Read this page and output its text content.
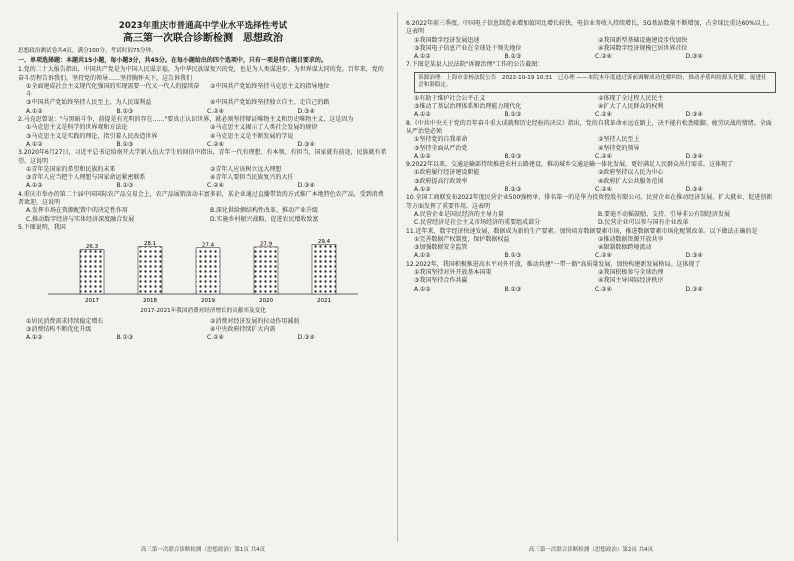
2023年重庆市普通高中学业水平选择性考试
高三第一次联合诊断检测　思想政治
思想政治测试卷共4页，满分100分。考试时间75分钟。
一、单项选择题：本题共15小题，每小题3分，共45分。在每小题给出的四个选项中，只有一项是符合题目要求的。
1.党的二十大报告指出，中国共产党是为中国人民谋幸福、为中华民族谋复兴的党，也是为人类谋进步、为世界谋大同的党。百年来，党的奋斗历程告诉我们，坚持党的领导……坚持胸怀天下。这告诉我们
①全面建成社会主义现代化强国的实现需要一代又一代人的接续奋斗
②中国共产党始终坚持马克思主义的指导地位
③中国共产党始终坚持人民至上，为人民谋利益	④中国共产党始终坚持独立自主，走自己的路
A.①②	B.①③	C.②④	D.③④
2.马克思曾说："与黑暗斗争，前提是有光明的存在……"要真正认识世界，就必须坚持辩证唯物主义和历史唯物主义，这是因为
①马克思主义是科学的世界观和方法论	②马克思主义揭示了人类社会发展的规律
③马克思主义是实践的理论，指引着人民改造世界	④马克思主义是不断发展的学说
A.①②	B.①③	C.②④	D.③④
3.2020年6月27日，习近平总书记给南开大学新入伍大学生的回信中指出，青年一代有理想、有本领、有担当，国家就有前途，民族就有希望。这说明
①青年是国家的希望和民族的未来	②青年人应该树立远大理想
③青年人应当把个人理想与国家命运紧密联系	④青年人要担当民族复兴的大任
A.①②	B.①③	C.②④	D.③④
4.重庆市举办的第二十届中国国际农产品交易会上，农产品展销活动丰富多彩，某企业通过直播带货的方式推广本地特色农产品，受到消费者欢迎。这说明
A.发挥市场在资源配置中的决定性作用	B.深化供给侧结构性改革，推动产业升级
C.推动数字经济与实体经济深度融合发展	D.实施乡村振兴战略，促进农民增收致富
5.下图说明，我国
26.3
2017
28.1
2018
27.4
2019
27.9
2020
29.4
2021
2017-2021年我国消费对经济增长的贡献率及变化
①居民消费需求持续稳定增长	②消费对经济发展的拉动作用减弱
③消费结构不断优化升级	④中央政府持续扩大内需
A.①②	B.①③	C.②④	D.③④
6.2022年前三季度，中国电子信息制造业增加值同比增长较快，电信业务收入持续增长，5G基站数量不断增加，占全球比重达60%以上。这表明
①我国数字经济发展迅速	②我国新型基础设施建设步伐加快
③我国电子信息产业在全球处于领先地位	④我国数字经济规模已居世界首位
A.①②	B.①③	C.②④	D.③④
7.下图是某县人民法院"诉源治理"工作的公告截图：
诉源治理：上海市金杨法院公告　2022-10-19 10:31　已办理 ——本院本年度通过诉前调解成功化解纠纷，推动矛盾纠纷源头化解，促进社会和谐稳定。
①有助于维护社会公平正义	②体现了全过程人民民主
③推动了基层治理体系和治理能力现代化	④扩大了人民群众的权利
A.①②	B.①③	C.②④	D.③④
8.《中共中央关于党的百年奋斗重大成就和历史经验的决议》指出，党的自我革命永远在路上，决不能有松劲歇脚、疲劳厌战的情绪。全面从严治党必须
①坚持党的自我革命	②坚持人民至上
③坚持全面从严治党	④坚持党的领导
A.①②	B.①③	C.②④	D.③④
9.2022年以来，交通运输部持续推进农村公路建设，推动城乡交通运输一体化发展，更好满足人民群众出行需求。这体现了
①政府履行经济建设职能	②政府坚持以人民为中心
③政府提高行政效率	④政府扩大公共服务范围
A.①②	B.①③	C.②④	D.③④
10.全国工商联发布2022年度民营企业500强榜单，排名第一的是华为投资控股有限公司。民营企业在推动经济发展、扩大就业、促进创新等方面发挥了重要作用。这表明
A.民营企业是国民经济的主导力量	B.要毫不动摇鼓励、支持、引导非公有制经济发展
C.民营经济是社会主义市场经济的重要组成部分	D.民营企业可以参与国有企业改革
11.近年来，数字经济快速发展，数据成为新的生产要素。加快培育数据要素市场，推进数据要素市场化配置改革。以下做法正确的是
①完善数据产权制度，保护数据权益	②推动数据资源开放共享
③加强数据安全监管	④限制数据跨境流动
A.①②	B.①③	C.②④	D.③④
12.2022年，我国积极推进高水平对外开放，推动共建"一带一路"高质量发展，加快构建新发展格局。这体现了
①我国坚持对外开放基本国策	②我国积极参与全球治理
③我国坚持合作共赢	④我国主导国际经济秩序
A.①②	B.①③	C.②④	D.③④
高三第一次联合诊断检测（思想政治）第1页 共4页	高三第一次联合诊断检测（思想政治）第2页 共4页
